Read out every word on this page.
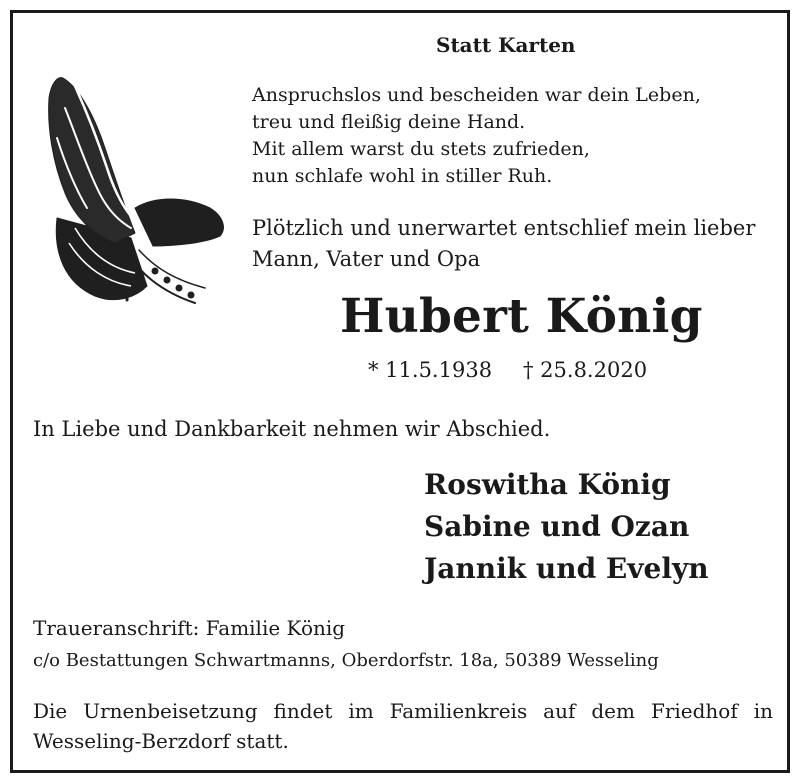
Statt Karten
Anspruchslos und bescheiden war dein Leben,
treu und fleißig deine Hand.
Mit allem warst du stets zufrieden,
nun schlafe wohl in stiller Ruh.
Plötzlich und unerwartet entschlief mein lieber
Mann, Vater und Opa
Hubert König
* 11.5.1938 † 25.8.2020
In Liebe und Dankbarkeit nehmen wir Abschied.
Roswitha König
Sabine und Ozan
Jannik und Evelyn
Traueranschrift: Familie König
c/o Bestattungen Schwartmanns, Oberdorfstr. 18a, 50389 Wesseling
Die Urnenbeisetzung findet im Familienkreis auf dem Friedhof in Wesseling-Berzdorf statt.
